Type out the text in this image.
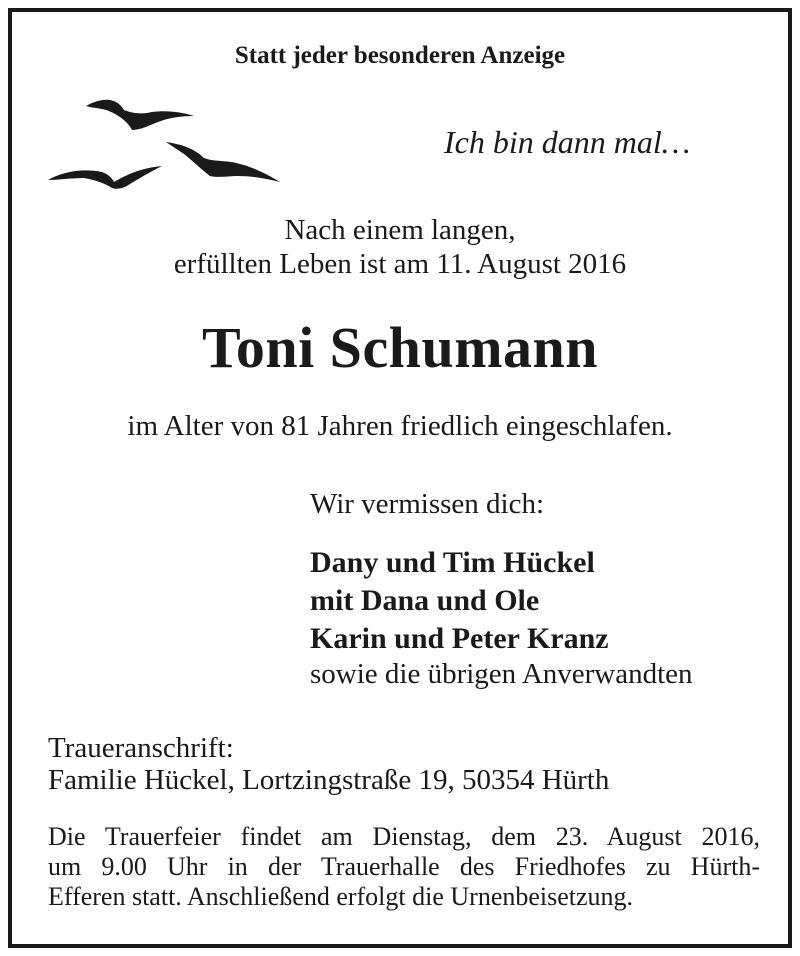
Statt jeder besonderen Anzeige
Ich bin dann mal…
Nach einem langen,
erfüllten Leben ist am 11. August 2016
Toni Schumann
im Alter von 81 Jahren friedlich eingeschlafen.
Wir vermissen dich:
Dany und Tim Hückel
mit Dana und Ole
Karin und Peter Kranz
sowie die übrigen Anverwandten
Traueranschrift:
Familie Hückel, Lortzingstraße 19, 50354 Hürth
Die Trauerfeier findet am Dienstag, dem 23. August 2016,
um 9.00 Uhr in der Trauerhalle des Friedhofes zu Hürth-
Efferen statt. Anschließend erfolgt die Urnenbeisetzung.
